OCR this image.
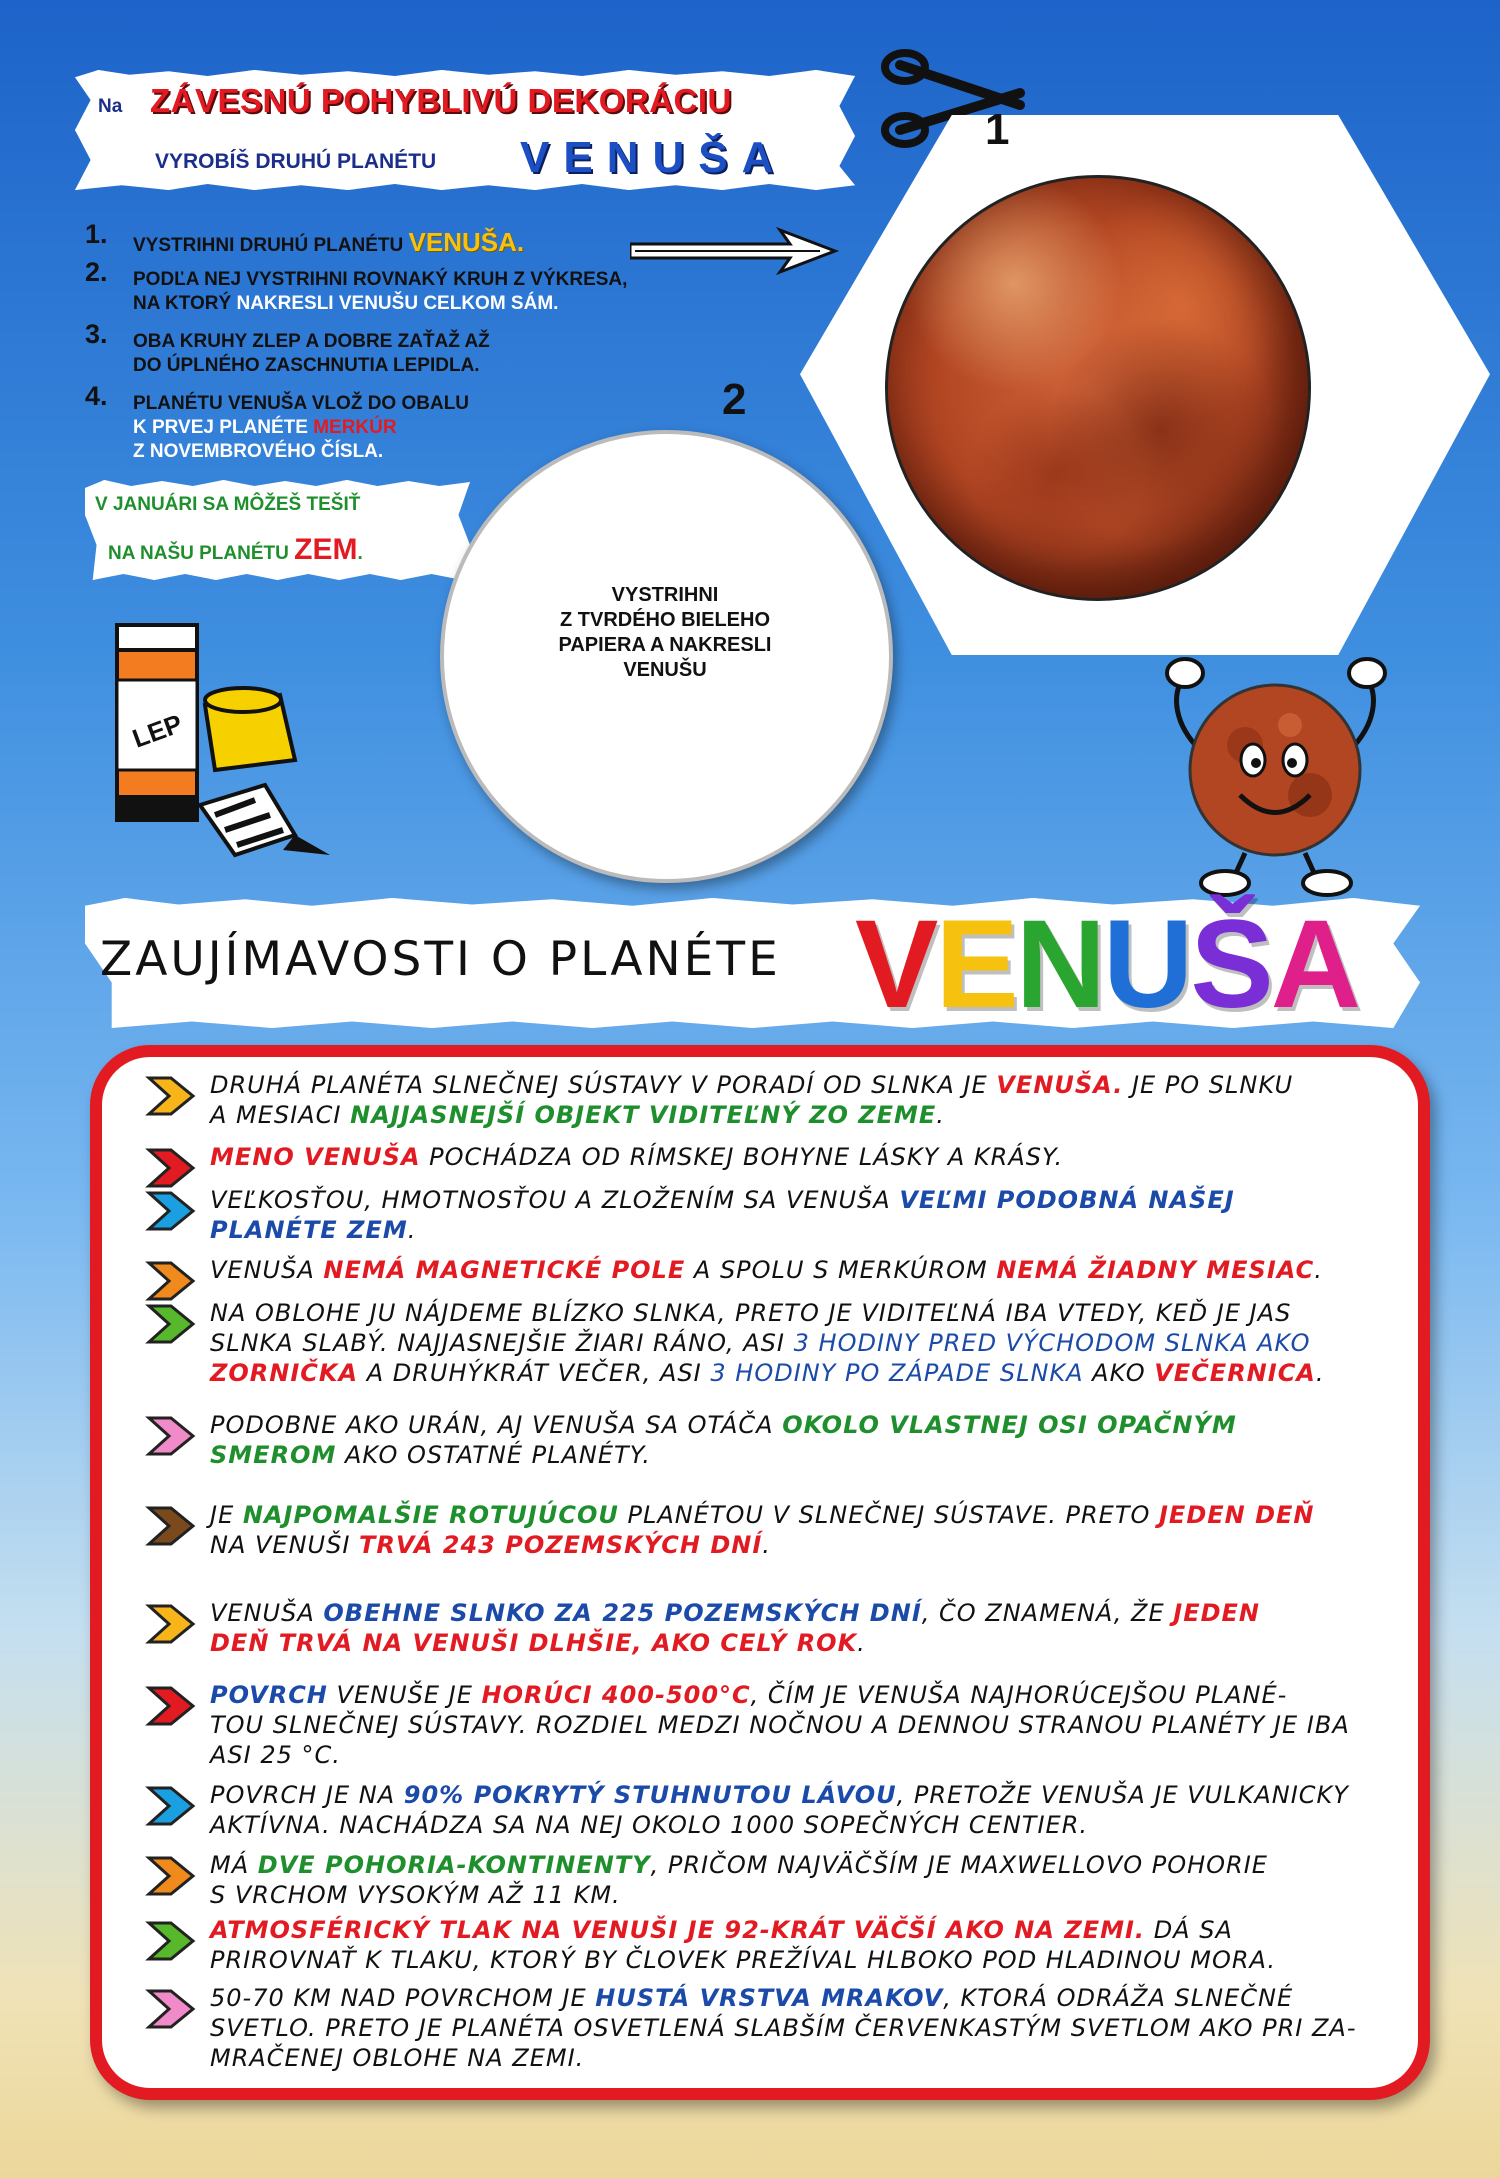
Na ZÁVESNÚ POHYBLIVÚ DEKORÁCIU
VYROBÍŠ DRUHÚ PLANÉTU VENUŠA
1. VYSTRIHNI DRUHÚ PLANÉTU VENUŠA.
2. PODĽA NEJ VYSTRIHNI ROVNAKÝ KRUH Z VÝKRESA,
NA KTORÝ NAKRESLI VENUŠU CELKOM SÁM.
3. OBA KRUHY ZLEP A DOBRE ZAŤAŽ AŽ
DO ÚPLNÉHO ZASCHNUTIA LEPIDLA.
4. PLANÉTU VENUŠA VLOŽ DO OBALU
K PRVEJ PLANÉTE MERKÚR
Z NOVEMBROVÉHO ČÍSLA.
V JANUÁRI SA MÔŽEŠ TEŠIŤ
NA NAŠU PLANÉTU ZEM.
1
2
VYSTRIHNI
Z TVRDÉHO BIELEHO
PAPIERA A NAKRESLI
VENUŠU
LEP
ZAUJÍMAVOSTI O PLANÉTE VENUŠA
DRUHÁ PLANÉTA SLNEČNEJ SÚSTAVY V PORADÍ OD SLNKA JE VENUŠA. JE PO SLNKU
A MESIACI NAJJASNEJŠÍ OBJEKT VIDITEĽNÝ ZO ZEME.
MENO VENUŠA POCHÁDZA OD RÍMSKEJ BOHYNE LÁSKY A KRÁSY.
VEĽKOSŤOU, HMOTNOSŤOU A ZLOŽENÍM SA VENUŠA VEĽMI PODOBNÁ NAŠEJ
PLANÉTE ZEM.
VENUŠA NEMÁ MAGNETICKÉ POLE A SPOLU S MERKÚROM NEMÁ ŽIADNY MESIAC.
NA OBLOHE JU NÁJDEME BLÍZKO SLNKA, PRETO JE VIDITEĽNÁ IBA VTEDY, KEĎ JE JAS
SLNKA SLABÝ. NAJJASNEJŠIE ŽIARI RÁNO, ASI 3 HODINY PRED VÝCHODOM SLNKA AKO
ZORNIČKA A DRUHÝKRÁT VEČER, ASI 3 HODINY PO ZÁPADE SLNKA AKO VEČERNICA.
PODOBNE AKO URÁN, AJ VENUŠA SA OTÁČA OKOLO VLASTNEJ OSI OPAČNÝM
SMEROM AKO OSTATNÉ PLANÉTY.
JE NAJPOMALŠIE ROTUJÚCOU PLANÉTOU V SLNEČNEJ SÚSTAVE. PRETO JEDEN DEŇ
NA VENUŠI TRVÁ 243 POZEMSKÝCH DNÍ.
VENUŠA OBEHNE SLNKO ZA 225 POZEMSKÝCH DNÍ, ČO ZNAMENÁ, ŽE JEDEN
DEŇ TRVÁ NA VENUŠI DLHŠIE, AKO CELÝ ROK.
POVRCH VENUŠE JE HORÚCI 400-500°C, ČÍM JE VENUŠA NAJHORÚCEJŠOU PLANÉ-
TOU SLNEČNEJ SÚSTAVY. ROZDIEL MEDZI NOČNOU A DENNOU STRANOU PLANÉTY JE IBA
ASI 25 °C.
POVRCH JE NA 90% POKRYTÝ STUHNUTOU LÁVOU, PRETOŽE VENUŠA JE VULKANICKY
AKTÍVNA. NACHÁDZA SA NA NEJ OKOLO 1000 SOPEČNÝCH CENTIER.
MÁ DVE POHORIA-KONTINENTY, PRIČOM NAJVÄČŠÍM JE MAXWELLOVO POHORIE
S VRCHOM VYSOKÝM AŽ 11 KM.
ATMOSFÉRICKÝ TLAK NA VENUŠI JE 92-KRÁT VÄČŠÍ AKO NA ZEMI. DÁ SA
PRIROVNAŤ K TLAKU, KTORÝ BY ČLOVEK PREŽÍVAL HLBOKO POD HLADINOU MORA.
50-70 KM NAD POVRCHOM JE HUSTÁ VRSTVA MRAKOV, KTORÁ ODRÁŽA SLNEČNÉ
SVETLO. PRETO JE PLANÉTA OSVETLENÁ SLABŠÍM ČERVENKASTÝM SVETLOM AKO PRI ZA-
MRAČENEJ OBLOHE NA ZEMI.
